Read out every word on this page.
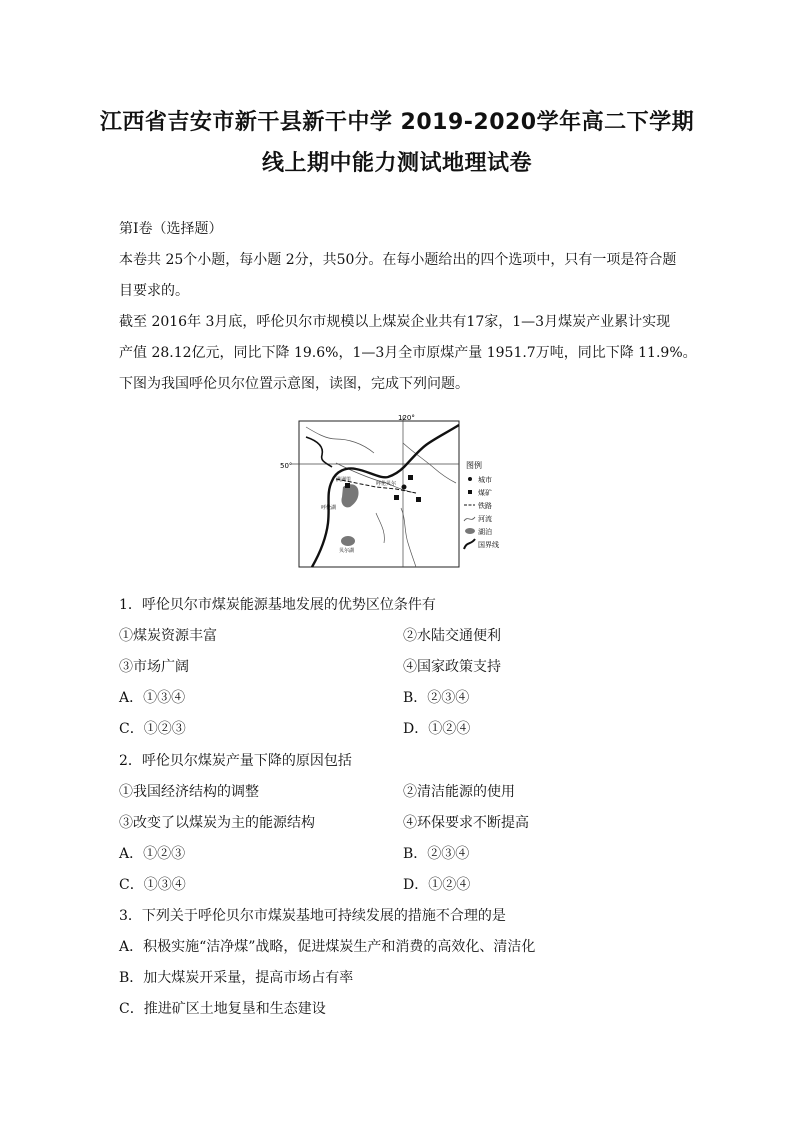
江西省吉安市新干县新干中学 2019-2020学年高二下学期
线上期中能力测试地理试卷
第Ⅰ卷（选择题）
本卷共 25个小题，每小题 2分，共50分。在每小题给出的四个选项中，只有一项是符合题
目要求的。
截至 2016年 3月底，呼伦贝尔市规模以上煤炭企业共有17家，1—3月煤炭产业累计实现
产值 28.12亿元，同比下降 19.6%，1—3月全市原煤产量 1951.7万吨，同比下降 11.9%。
下图为我国呼伦贝尔位置示意图，读图，完成下列问题。
120°
50°
满洲里
呼伦贝尔
呼伦湖
贝尔湖
图例
城市
煤矿
铁路
河流
湖泊
国界线
1．呼伦贝尔市煤炭能源基地发展的优势区位条件有
①煤炭资源丰富	②水陆交通便利
③市场广阔	④国家政策支持
A．①③④	B．②③④
C．①②③	D．①②④
2．呼伦贝尔煤炭产量下降的原因包括
①我国经济结构的调整	②清洁能源的使用
③改变了以煤炭为主的能源结构	④环保要求不断提高
A．①②③	B．②③④
C．①③④	D．①②④
3．下列关于呼伦贝尔市煤炭基地可持续发展的措施不合理的是
A．积极实施“洁净煤”战略，促进煤炭生产和消费的高效化、清洁化
B．加大煤炭开采量，提高市场占有率
C．推进矿区土地复垦和生态建设
